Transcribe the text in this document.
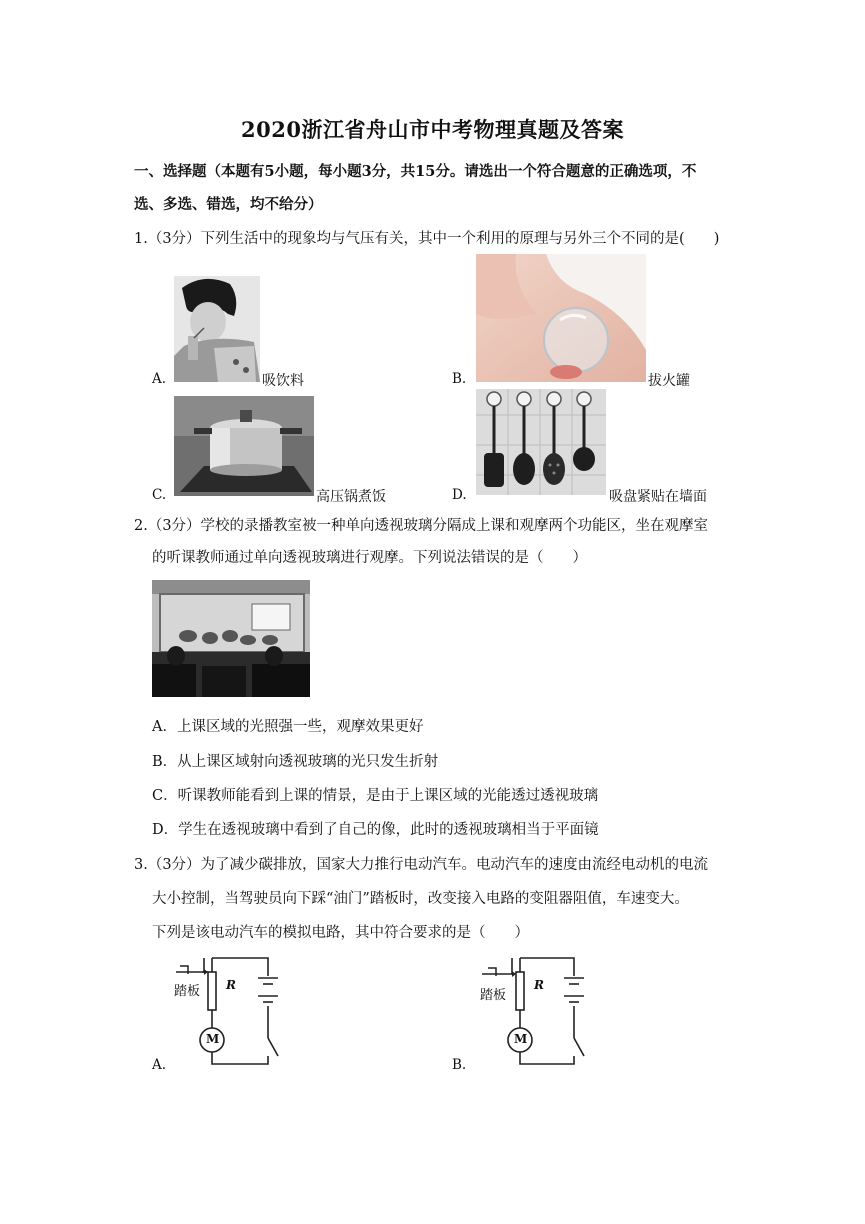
2020浙江省舟山市中考物理真题及答案
一、选择题（本题有5小题，每小题3分，共15分。请选出一个符合题意的正确选项，不
选、多选、错选，均不给分）
1.（3分）下列生活中的现象均与气压有关，其中一个利用的原理与另外三个不同的是(　　)
A.	吸饮料	B.	拔火罐
C.	高压锅煮饭	D.	吸盘紧贴在墙面
2.（3分）学校的录播教室被一种单向透视玻璃分隔成上课和观摩两个功能区，坐在观摩室
的听课教师通过单向透视玻璃进行观摩。下列说法错误的是（　　）
A．上课区域的光照强一些，观摩效果更好
B．从上课区域射向透视玻璃的光只发生折射
C．听课教师能看到上课的情景，是由于上课区域的光能透过透视玻璃
D．学生在透视玻璃中看到了自己的像，此时的透视玻璃相当于平面镜
3.（3分）为了减少碳排放，国家大力推行电动汽车。电动汽车的速度由流经电动机的电流
大小控制，当驾驶员向下踩“油门”踏板时，改变接入电路的变阻器阻值，车速变大。
下列是该电动汽车的模拟电路，其中符合要求的是（　　）
踏板 R
M
A.
踏板
R
M
B.
